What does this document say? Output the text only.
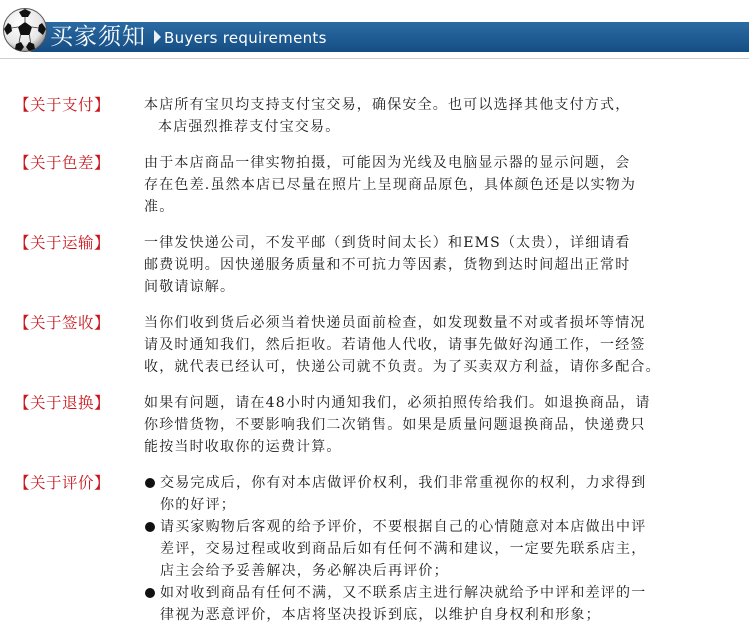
买家须知 Buyers requirements
【关于支付】	本店所有宝贝均支持支付宝交易，确保安全。也可以选择其他支付方式，
本店强烈推荐支付宝交易。
【关于色差】	由于本店商品一律实物拍摄，可能因为光线及电脑显示器的显示问题，会
存在色差.虽然本店已尽量在照片上呈现商品原色，具体颜色还是以实物为
准。
【关于运输】	一律发快递公司，不发平邮（到货时间太长）和EMS（太贵），详细请看
邮费说明。因快递服务质量和不可抗力等因素，货物到达时间超出正常时
间敬请谅解。
【关于签收】	当你们收到货后必须当着快递员面前检查，如发现数量不对或者损坏等情况
请及时通知我们，然后拒收。若请他人代收，请事先做好沟通工作，一经签
收，就代表已经认可，快递公司就不负责。为了买卖双方利益，请你多配合。
【关于退换】	如果有问题，请在48小时内通知我们，必须拍照传给我们。如退换商品，请
你珍惜货物，不要影响我们二次销售。如果是质量问题退换商品，快递费只
能按当时收取你的运费计算。
【关于评价】	交易完成后，你有对本店做评价权利，我们非常重视你的权利，力求得到
你的好评；
请买家购物后客观的给予评价，不要根据自己的心情随意对本店做出中评
差评，交易过程或收到商品后如有任何不满和建议，一定要先联系店主，
店主会给予妥善解决，务必解决后再评价；
如对收到商品有任何不满，又不联系店主进行解决就给予中评和差评的一
律视为恶意评价，本店将坚决投诉到底，以维护自身权利和形象；
